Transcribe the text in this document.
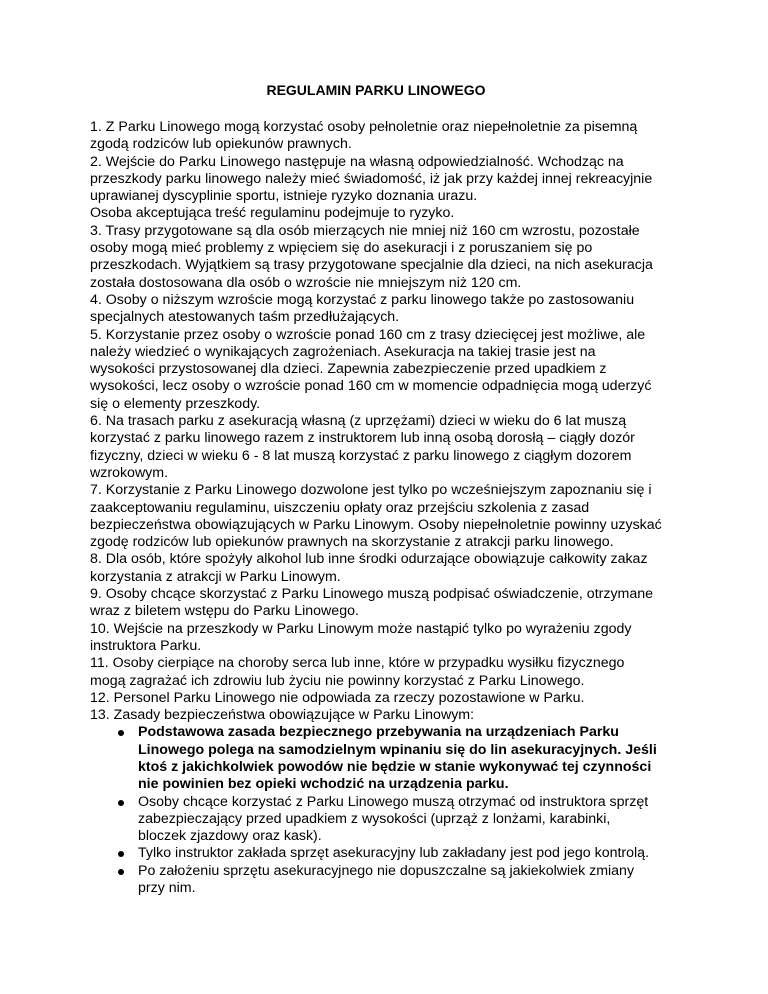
REGULAMIN PARKU LINOWEGO

1. Z Parku Linowego mogą korzystać osoby pełnoletnie oraz niepełnoletnie za pisemną zgodą rodziców lub opiekunów prawnych.

2. Wejście do Parku Linowego następuje na własną odpowiedzialność. Wchodząc na przeszkody parku linowego należy mieć świadomość, iż jak przy każdej innej rekreacyjnie uprawianej dyscyplinie sportu, istnieje ryzyko doznania urazu.

Osoba akceptująca treść regulaminu podejmuje to ryzyko.

3. Trasy przygotowane są dla osób mierzących nie mniej niż 160 cm wzrostu, pozostałe osoby mogą mieć problemy z wpięciem się do asekuracji i z poruszaniem się po przeszkodach. Wyjątkiem są trasy przygotowane specjalnie dla dzieci, na nich asekuracja została dostosowana dla osób o wzroście nie mniejszym niż 120 cm.

4. Osoby o niższym wzroście mogą korzystać z parku linowego także po zastosowaniu specjalnych atestowanych taśm przedłużających.

5. Korzystanie przez osoby o wzroście ponad 160 cm z trasy dziecięcej jest możliwe, ale należy wiedzieć o wynikających zagrożeniach. Asekuracja na takiej trasie jest na wysokości przystosowanej dla dzieci. Zapewnia zabezpieczenie przed upadkiem z wysokości, lecz osoby o wzroście ponad 160 cm w momencie odpadnięcia mogą uderzyć się o elementy przeszkody.

6. Na trasach parku z asekuracją własną (z uprzężami) dzieci w wieku do 6 lat muszą korzystać z parku linowego razem z instruktorem lub inną osobą dorosłą – ciągły dozór fizyczny, dzieci w wieku 6 - 8 lat muszą korzystać z parku linowego z ciągłym dozorem wzrokowym.

7. Korzystanie z Parku Linowego dozwolone jest tylko po wcześniejszym zapoznaniu się i zaakceptowaniu regulaminu, uiszczeniu opłaty oraz przejściu szkolenia z zasad bezpieczeństwa obowiązujących w Parku Linowym. Osoby niepełnoletnie powinny uzyskać zgodę rodziców lub opiekunów prawnych na skorzystanie z atrakcji parku linowego.

8. Dla osób, które spożyły alkohol lub inne środki odurzające obowiązuje całkowity zakaz korzystania z atrakcji w Parku Linowym.

9. Osoby chcące skorzystać z Parku Linowego muszą podpisać oświadczenie, otrzymane wraz z biletem wstępu do Parku Linowego.

10. Wejście na przeszkody w Parku Linowym może nastąpić tylko po wyrażeniu zgody instruktora Parku.

11. Osoby cierpiące na choroby serca lub inne, które w przypadku wysiłku fizycznego mogą zagrażać ich zdrowiu lub życiu nie powinny korzystać z Parku Linowego.

12. Personel Parku Linowego nie odpowiada za rzeczy pozostawione w Parku.

13. Zasady bezpieczeństwa obowiązujące w Parku Linowym:

Podstawowa zasada bezpiecznego przebywania na urządzeniach Parku Linowego polega na samodzielnym wpinaniu się do lin asekuracyjnych. Jeśli ktoś z jakichkolwiek powodów nie będzie w stanie wykonywać tej czynności nie powinien bez opieki wchodzić na urządzenia parku.
Osoby chcące korzystać z Parku Linowego muszą otrzymać od instruktora sprzęt zabezpieczający przed upadkiem z wysokości (uprząż z lonżami, karabinki, bloczek zjazdowy oraz kask).
Tylko instruktor zakłada sprzęt asekuracyjny lub zakładany jest pod jego kontrolą.
Po założeniu sprzętu asekuracyjnego nie dopuszczalne są jakiekolwiek zmiany przy nim.
